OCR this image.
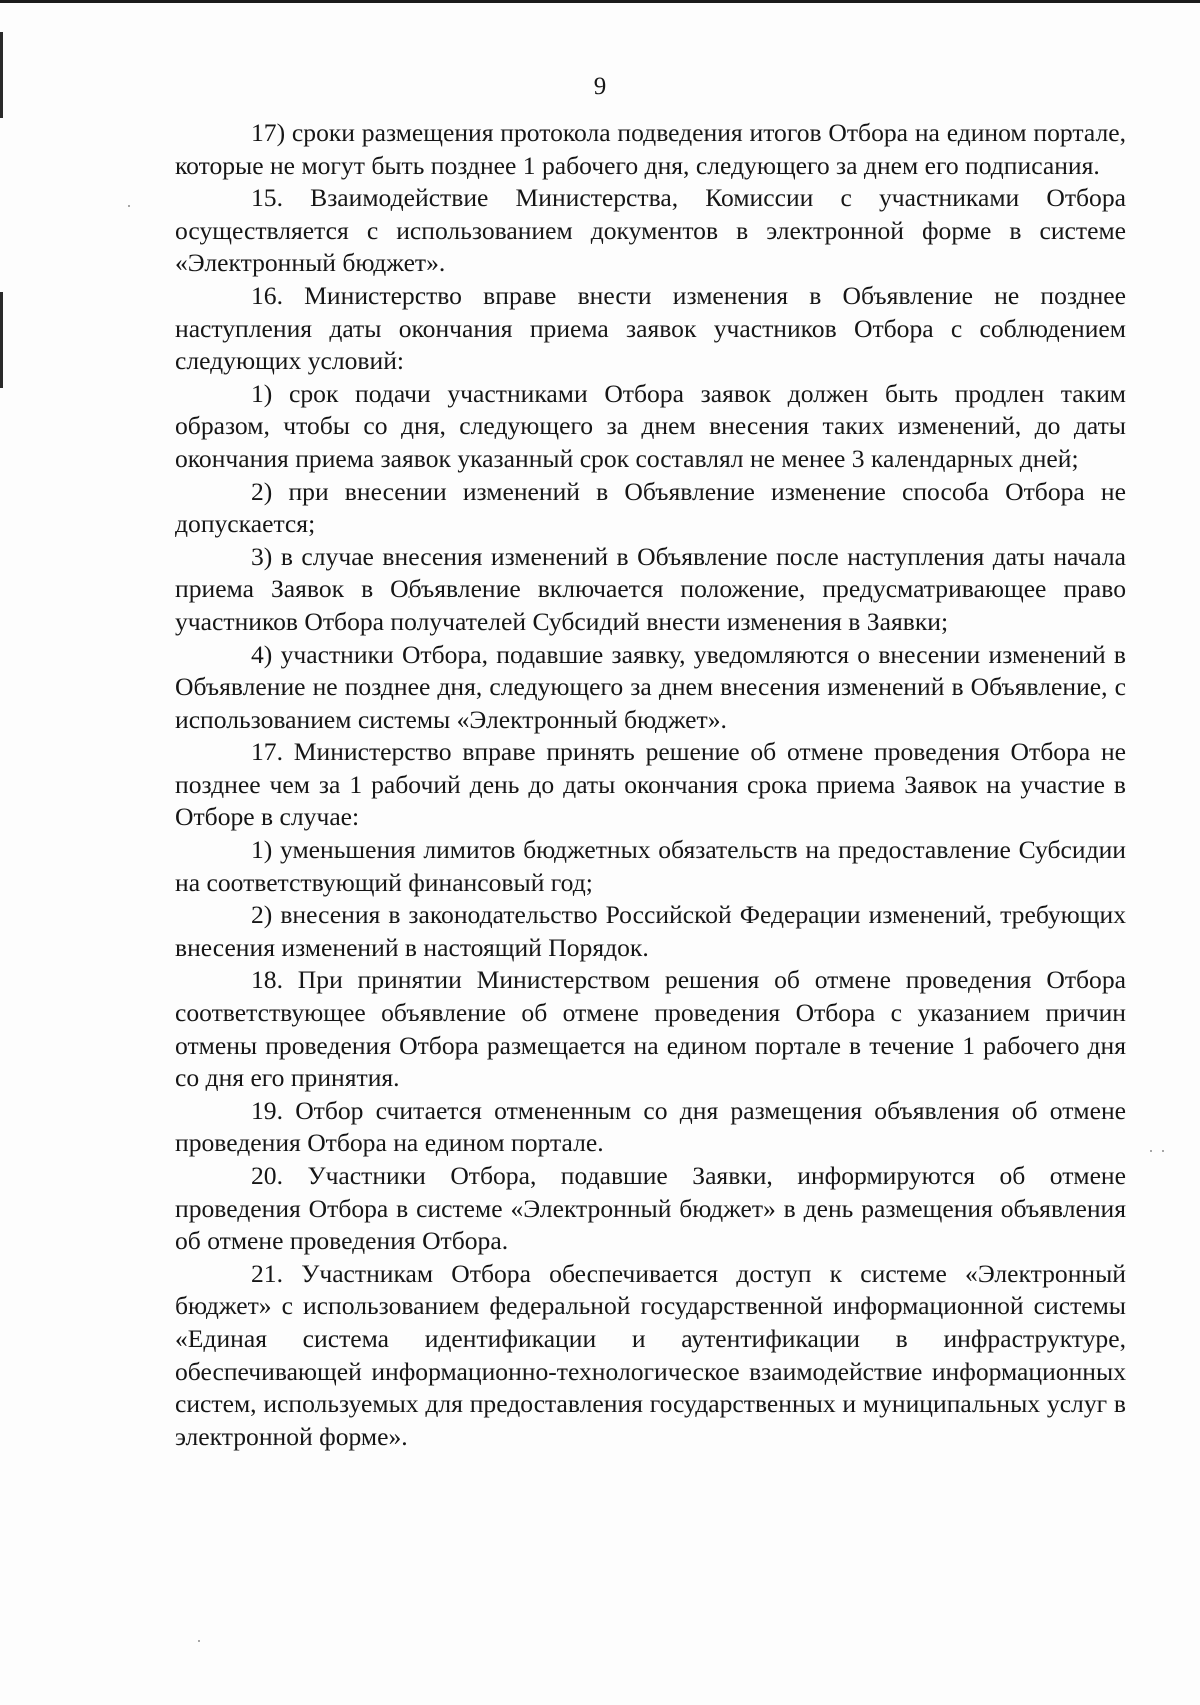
9

17) сроки размещения протокола подведения итогов Отбора на едином портале, которые не могут быть позднее 1 рабочего дня, следующего за днем его подписания.

15. Взаимодействие Министерства, Комиссии с участниками Отбора осуществляется с использованием документов в электронной форме в системе «Электронный бюджет».

16. Министерство вправе внести изменения в Объявление не позднее наступления даты окончания приема заявок участников Отбора с соблюдением следующих условий:

1) срок подачи участниками Отбора заявок должен быть продлен таким образом, чтобы со дня, следующего за днем внесения таких изменений, до даты окончания приема заявок указанный срок составлял не менее 3 календарных дней;

2) при внесении изменений в Объявление изменение способа Отбора не допускается;

3) в случае внесения изменений в Объявление после наступления даты начала приема Заявок в Объявление включается положение, предусматривающее право участников Отбора получателей Субсидий внести изменения в Заявки;

4) участники Отбора, подавшие заявку, уведомляются о внесении изменений в Объявление не позднее дня, следующего за днем внесения изменений в Объявление, с использованием системы «Электронный бюджет».

17. Министерство вправе принять решение об отмене проведения Отбора не позднее чем за 1 рабочий день до даты окончания срока приема Заявок на участие в Отборе в случае:

1) уменьшения лимитов бюджетных обязательств на предоставление Субсидии на соответствующий финансовый год;

2) внесения в законодательство Российской Федерации изменений, требующих внесения изменений в настоящий Порядок.

18. При принятии Министерством решения об отмене проведения Отбора соответствующее объявление об отмене проведения Отбора с указанием причин отмены проведения Отбора размещается на едином портале в течение 1 рабочего дня со дня его принятия.

19. Отбор считается отмененным со дня размещения объявления об отмене проведения Отбора на едином портале.

20. Участники Отбора, подавшие Заявки, информируются об отмене проведения Отбора в системе «Электронный бюджет» в день размещения объявления об отмене проведения Отбора.

21. Участникам Отбора обеспечивается доступ к системе «Электронный бюджет» с использованием федеральной государственной информационной системы «Единая система идентификации и аутентификации в инфраструктуре, обеспечивающей информационно-технологическое взаимодействие информационных систем, используемых для предоставления государственных и муниципальных услуг в электронной форме».
